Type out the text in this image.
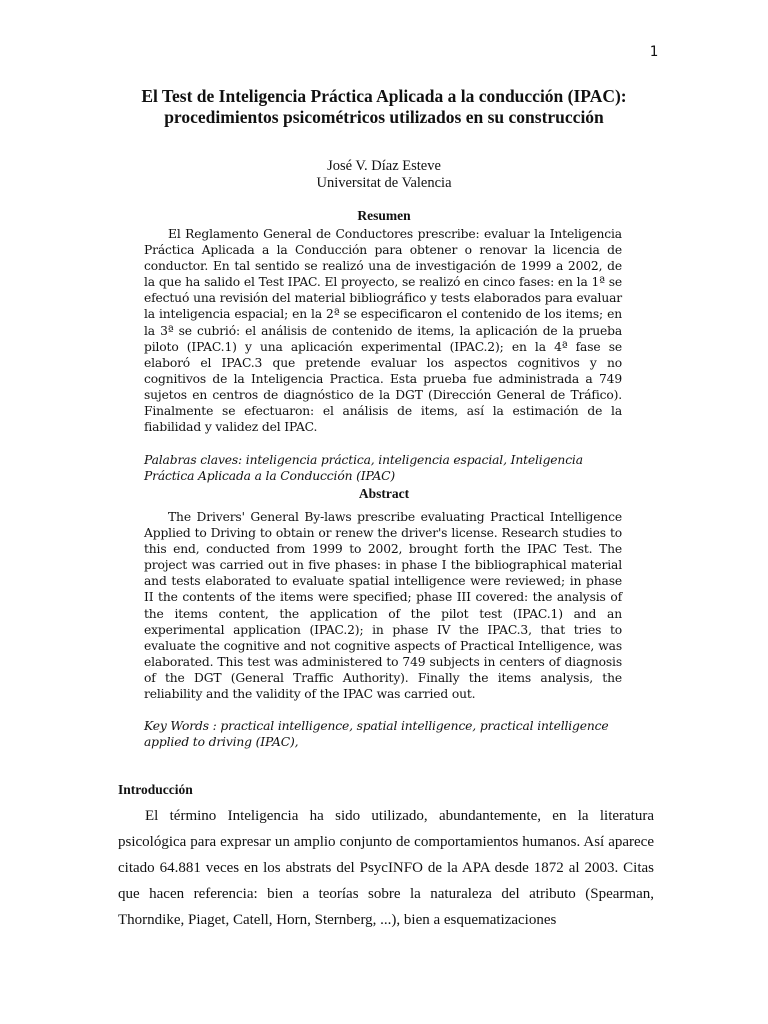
1
El Test de Inteligencia Práctica Aplicada a la conducción (IPAC):
procedimientos psicométricos utilizados en su construcción
José V. Díaz Esteve
Universitat de Valencia
Resumen

El Reglamento General de Conductores prescribe: evaluar la Inteligencia Práctica Aplicada a la Conducción para obtener o renovar la licencia de conductor. En tal sentido se realizó una de investigación de 1999 a 2002, de la que ha salido el Test IPAC. El proyecto, se realizó en cinco fases: en la 1ª se efectuó una revisión del material bibliográfico y tests elaborados para evaluar la inteligencia espacial; en la 2ª se especificaron el contenido de los items; en la 3ª se cubrió: el análisis de contenido de items, la aplicación de la prueba piloto (IPAC.1) y una aplicación experimental (IPAC.2); en la 4ª fase se elaboró el IPAC.3 que pretende evaluar los aspectos cognitivos y no cognitivos de la Inteligencia Practica. Esta prueba fue administrada a 749 sujetos en centros de diagnóstico de la DGT (Dirección General de Tráfico). Finalmente se efectuaron: el análisis de items, así la estimación de la fiabilidad y validez del IPAC.

Palabras claves: inteligencia práctica, inteligencia espacial, Inteligencia Práctica Aplicada a la Conducción (IPAC)
Abstract

The Drivers' General By-laws prescribe evaluating Practical Intelligence Applied to Driving to obtain or renew the driver's license. Research studies to this end, conducted from 1999 to 2002, brought forth the IPAC Test. The project was carried out in five phases: in phase I the bibliographical material and tests elaborated to evaluate spatial intelligence were reviewed; in phase II the contents of the items were specified; phase III covered: the analysis of the items content, the application of the pilot test (IPAC.1) and an experimental application (IPAC.2); in phase IV the IPAC.3, that tries to evaluate the cognitive and not cognitive aspects of Practical Intelligence, was elaborated. This test was administered to 749 subjects in centers of diagnosis of the DGT (General Traffic Authority). Finally the items analysis, the reliability and the validity of the IPAC was carried out.

Key Words : practical intelligence, spatial intelligence, practical intelligence applied to driving (IPAC),
Introducción

El término Inteligencia ha sido utilizado, abundantemente, en la literatura psicológica para expresar un amplio conjunto de comportamientos humanos. Así aparece citado 64.881 veces en los abstrats del PsycINFO de la APA desde 1872 al 2003. Citas que hacen referencia: bien a teorías sobre la naturaleza del atributo (Spearman, Thorndike, Piaget, Catell, Horn, Sternberg, ...), bien a esquematizaciones
